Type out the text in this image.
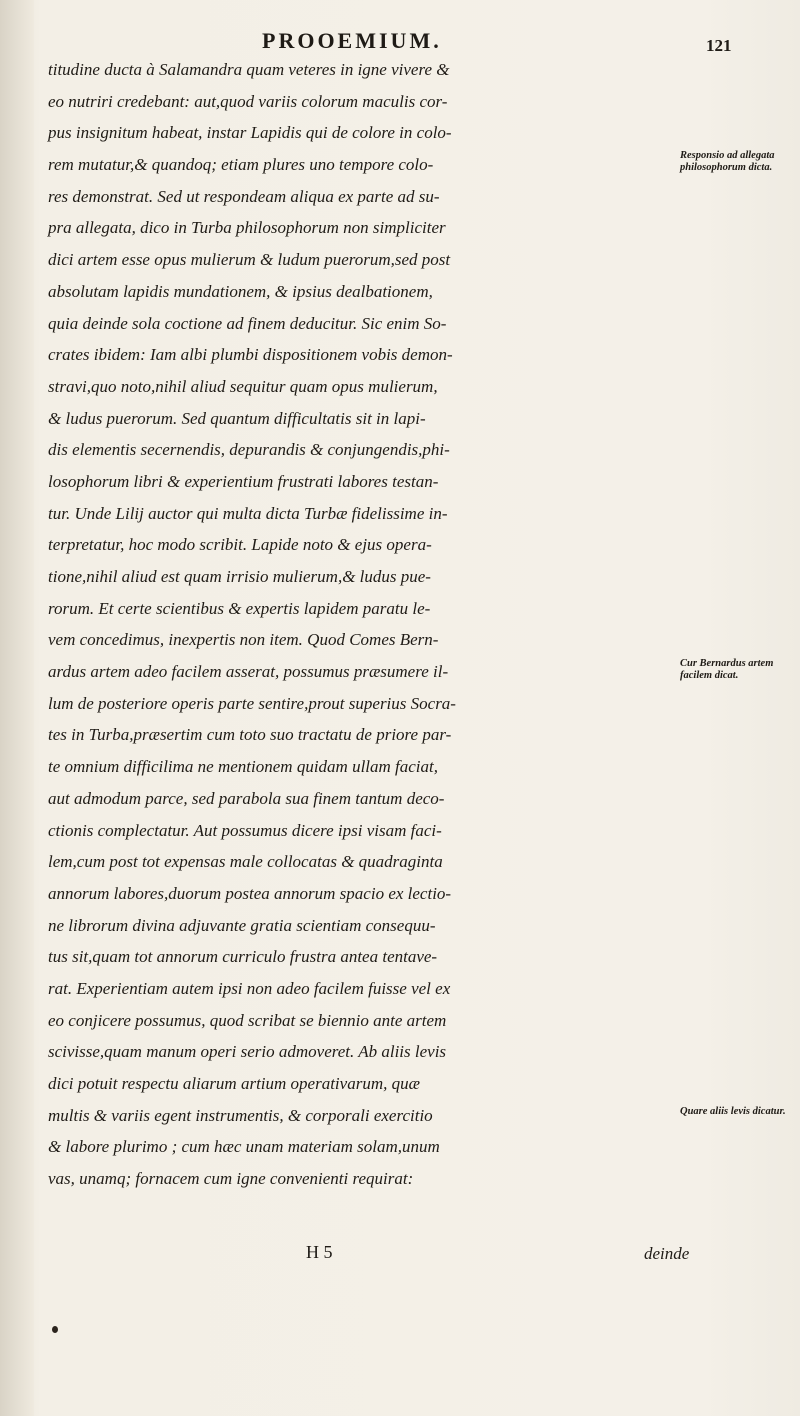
PROOEMIUM.	121
titudine ducta à Salamandra quam veteres in igne vivere &
eo nutriri credebant: aut,quod variis colorum maculis cor-
pus insignitum habeat, instar Lapidis qui de colore in colo-
rem mutatur,& quandoq; etiam plures uno tempore colo-
res demonstrat. Sed ut respondeam aliqua ex parte ad su-
pra allegata, dico in Turba philosophorum non simpliciter
dici artem esse opus mulierum & ludum puerorum,sed post
absolutam lapidis mundationem, & ipsius dealbationem,
quia deinde sola coctione ad finem deducitur. Sic enim So-
crates ibidem: Iam albi plumbi dispositionem vobis demon-
stravi,quo noto,nihil aliud sequitur quam opus mulierum,
& ludus puerorum. Sed quantum difficultatis sit in lapi-
dis elementis secernendis, depurandis & conjungendis,phi-
losophorum libri & experientium frustrati labores testan-
tur. Unde Lilij auctor qui multa dicta Turbæ fidelissime in-
terpretatur, hoc modo scribit. Lapide noto & ejus opera-
tione,nihil aliud est quam irrisio mulierum,& ludus pue-
rorum. Et certe scientibus & expertis lapidem paratu le-
vem concedimus, inexpertis non item. Quod Comes Bern-
ardus artem adeo facilem asserat, possumus præsumere il-
lum de posteriore operis parte sentire,prout superius Socra-
tes in Turba,præsertim cum toto suo tractatu de priore par-
te omnium difficilima ne mentionem quidam ullam faciat,
aut admodum parce, sed parabola sua finem tantum deco-
ctionis complectatur. Aut possumus dicere ipsi visam faci-
lem,cum post tot expensas male collocatas & quadraginta
annorum labores,duorum postea annorum spacio ex lectio-
ne librorum divina adjuvante gratia scientiam consequu-
tus sit,quam tot annorum curriculo frustra antea tentave-
rat. Experientiam autem ipsi non adeo facilem fuisse vel ex
eo conjicere possumus, quod scribat se biennio ante artem
scivisse,quam manum operi serio admoveret. Ab aliis levis
dici potuit respectu aliarum artium operativarum, quæ
multis & variis egent instrumentis, & corporali exercitio
& labore plurimo ; cum hæc unam materiam solam,unum
vas, unamq; fornacem cum igne convenienti requirat:
Responsio ad allegata philosophorum dicta.
Cur Bernardus artem facilem dicat.
Quare aliis levis dicatur.
H 5	deinde
